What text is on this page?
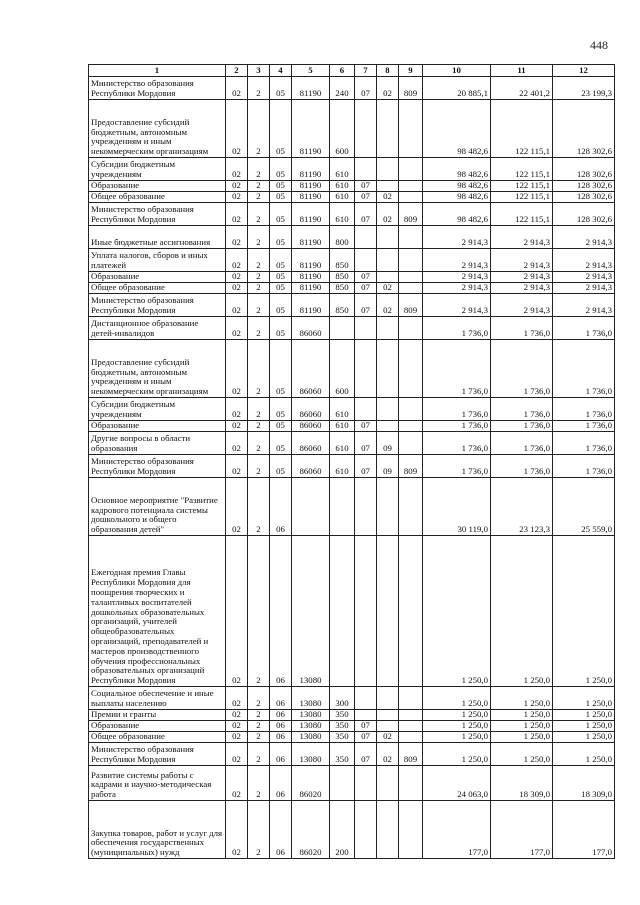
448
1	2	3	4	5	6	7	8	9	10	11	12
Министерство образования Республики Мордовия	02	2	05	81190	240	07	02	809	20 885,1	22 401,2	23 199,3
Предоставление субсидий бюджетным, автономным учреждениям и иным некоммерческим организациям	02	2	05	81190	600				98 482,6	122 115,1	128 302,6
Субсидии бюджетным учреждениям	02	2	05	81190	610				98 482,6	122 115,1	128 302,6
Образование	02	2	05	81190	610	07			98 482,6	122 115,1	128 302,6
Общее образование	02	2	05	81190	610	07	02		98 482,6	122 115,1	128 302,6
Министерство образования Республики Мордовия	02	2	05	81190	610	07	02	809	98 482,6	122 115,1	128 302,6
Иные бюджетные ассигнования	02	2	05	81190	800				2 914,3	2 914,3	2 914,3
Уплата налогов, сборов и иных платежей	02	2	05	81190	850				2 914,3	2 914,3	2 914,3
Образование	02	2	05	81190	850	07			2 914,3	2 914,3	2 914,3
Общее образование	02	2	05	81190	850	07	02		2 914,3	2 914,3	2 914,3
Министерство образования Республики Мордовия	02	2	05	81190	850	07	02	809	2 914,3	2 914,3	2 914,3
Дистанционное образование детей-инвалидов	02	2	05	86060					1 736,0	1 736,0	1 736,0
Предоставление субсидий бюджетным, автономным учреждениям и иным некоммерческим организациям	02	2	05	86060	600				1 736,0	1 736,0	1 736,0
Субсидии бюджетным учреждениям	02	2	05	86060	610				1 736,0	1 736,0	1 736,0
Образование	02	2	05	86060	610	07			1 736,0	1 736,0	1 736,0
Другие вопросы в области образования	02	2	05	86060	610	07	09		1 736,0	1 736,0	1 736,0
Министерство образования Республики Мордовия	02	2	05	86060	610	07	09	809	1 736,0	1 736,0	1 736,0
Основное мероприятие "Развитие кадрового потенциала системы дошкольного и общего образования детей"	02	2	06						30 119,0	23 123,3	25 559,0
Ежегодная премия Главы Республики Мордовия для поощрения творческих и талантливых воспитателей дошкольных образовательных организаций, учителей общеобразовательных организаций, преподавателей и мастеров производственного обучения профессиональных образовательных организаций Республики Мордовия	02	2	06	13080					1 250,0	1 250,0	1 250,0
Социальное обеспечение и иные выплаты населению	02	2	06	13080	300				1 250,0	1 250,0	1 250,0
Премии и гранты	02	2	06	13080	350				1 250,0	1 250,0	1 250,0
Образование	02	2	06	13080	350	07			1 250,0	1 250,0	1 250,0
Общее образование	02	2	06	13080	350	07	02		1 250,0	1 250,0	1 250,0
Министерство образования Республики Мордовия	02	2	06	13080	350	07	02	809	1 250,0	1 250,0	1 250,0
Развитие системы работы с кадрами и научно-методическая работа	02	2	06	86020					24 063,0	18 309,0	18 309,0
Закупка товаров, работ и услуг для обеспечения государственных (муниципальных) нужд	02	2	06	86020	200				177,0	177,0	177,0
